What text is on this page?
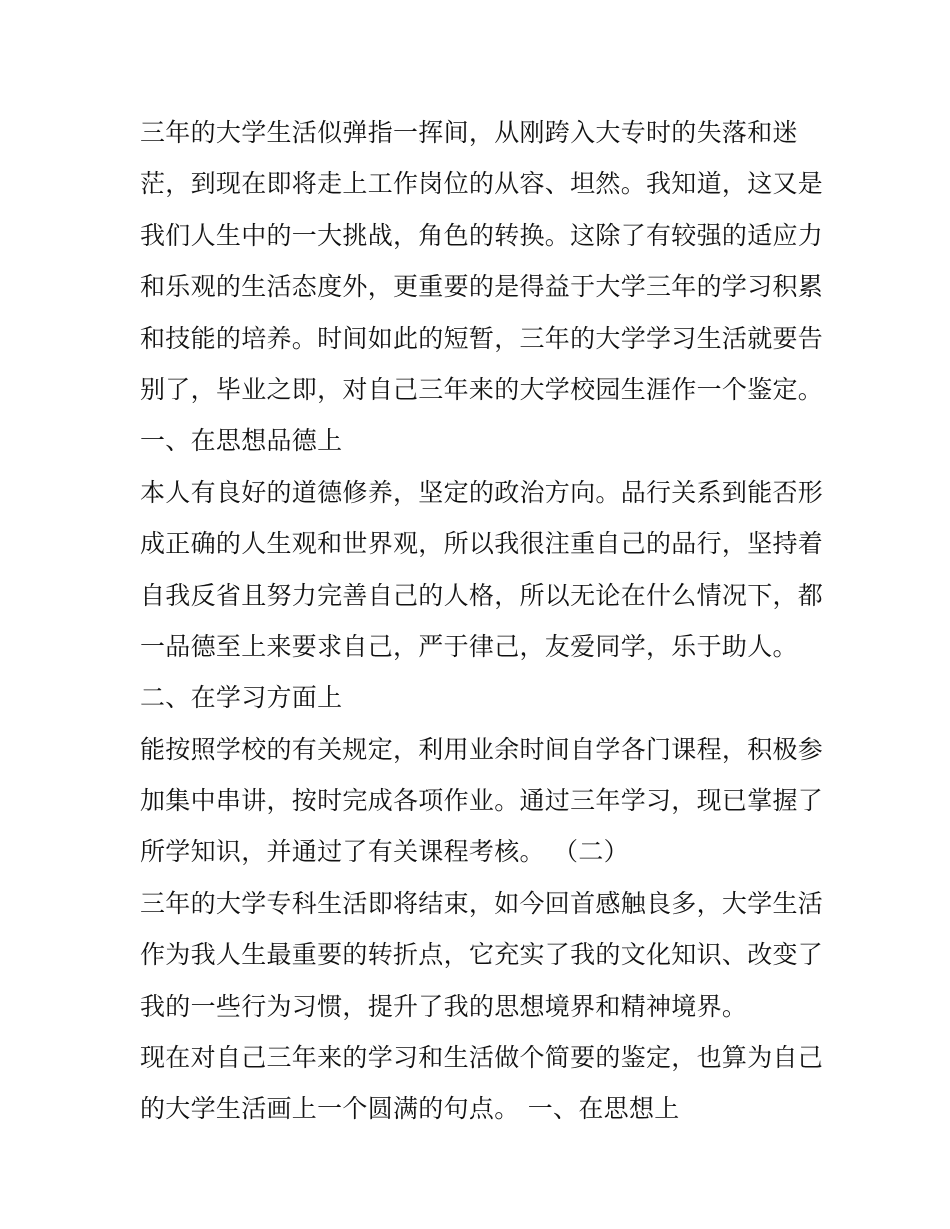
三年的大学生活似弹指一挥间，从刚跨入大专时的失落和迷
茫，到现在即将走上工作岗位的从容、坦然。我知道，这又是
我们人生中的一大挑战，角色的转换。这除了有较强的适应力
和乐观的生活态度外，更重要的是得益于大学三年的学习积累
和技能的培养。时间如此的短暂，三年的大学学习生活就要告
别了，毕业之即，对自己三年来的大学校园生涯作一个鉴定。
一、在思想品德上
本人有良好的道德修养，坚定的政治方向。品行关系到能否形
成正确的人生观和世界观，所以我很注重自己的品行，坚持着
自我反省且努力完善自己的人格，所以无论在什么情况下，都
一品德至上来要求自己，严于律己，友爱同学，乐于助人。
二、在学习方面上
能按照学校的有关规定，利用业余时间自学各门课程，积极参
加集中串讲，按时完成各项作业。通过三年学习，现已掌握了
所学知识，并通过了有关课程考核。 （二）
三年的大学专科生活即将结束，如今回首感触良多，大学生活
作为我人生最重要的转折点，它充实了我的文化知识、改变了
我的一些行为习惯，提升了我的思想境界和精神境界。
现在对自己三年来的学习和生活做个简要的鉴定，也算为自己
的大学生活画上一个圆满的句点。 一、在思想上
